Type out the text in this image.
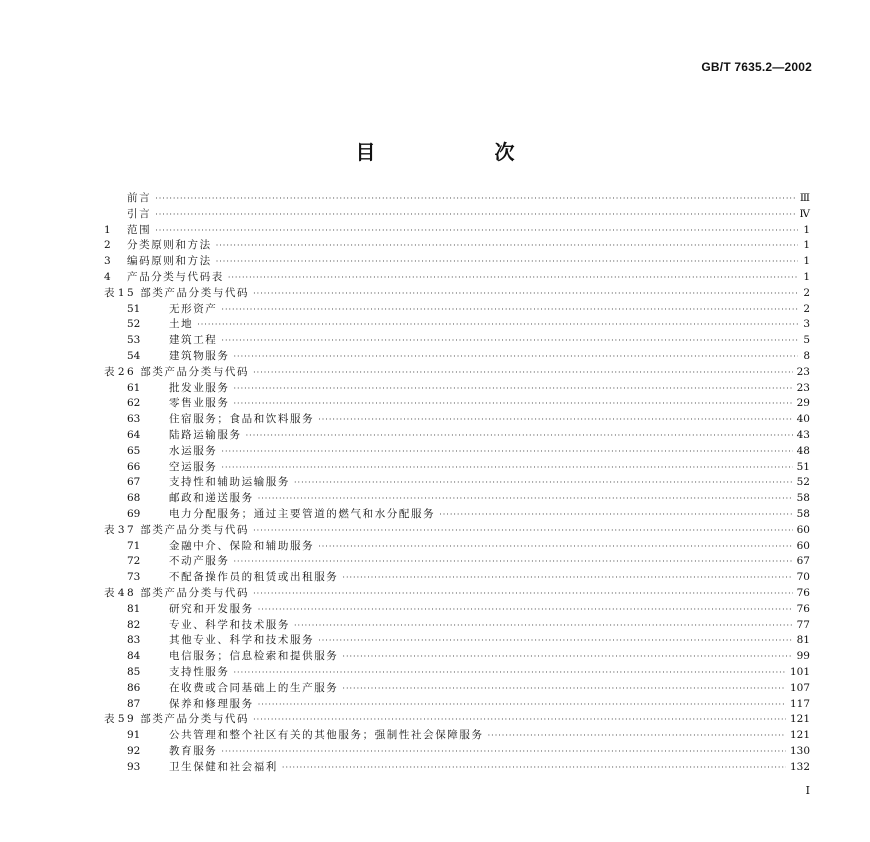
GB/T 7635.2—2002
目 次
前言 ·····	Ⅲ
引言 ·····	Ⅳ
1	范围 ·····	1
2	分类原则和方法 ·····	1
3	编码原则和方法 ·····	1
4	产品分类与代码表 ·····	1
表 1 5 部类产品分类与代码 ·····	2
51	无形资产 ·····	2
52	土地 ·····	3
53	建筑工程 ·····	5
54	建筑物服务 ·····	8
表 2 6 部类产品分类与代码 ·····	23
61	批发业服务 ·····	23
62	零售业服务 ·····	29
63	住宿服务；食品和饮料服务 ·····	40
64	陆路运输服务 ·····	43
65	水运服务 ·····	48
66	空运服务 ·····	51
67	支持性和辅助运输服务 ·····	52
68	邮政和递送服务 ·····	58
69	电力分配服务；通过主要管道的燃气和水分配服务 ·····	58
表 3 7 部类产品分类与代码 ·····	60
71	金融中介、保险和辅助服务 ·····	60
72	不动产服务 ·····	67
73	不配备操作员的租赁或出租服务 ·····	70
表 4 8 部类产品分类与代码 ·····	76
81	研究和开发服务 ·····	76
82	专业、科学和技术服务 ·····	77
83	其他专业、科学和技术服务 ·····	81
84	电信服务；信息检索和提供服务 ·····	99
85	支持性服务 ·····	101
86	在收费或合同基础上的生产服务 ·····	107
87	保养和修理服务 ·····	117
表 5 9 部类产品分类与代码 ·····	121
91	公共管理和整个社区有关的其他服务；强制性社会保障服务 ·····	121
92	教育服务 ·····	130
93	卫生保健和社会福利 ·····	132
I
